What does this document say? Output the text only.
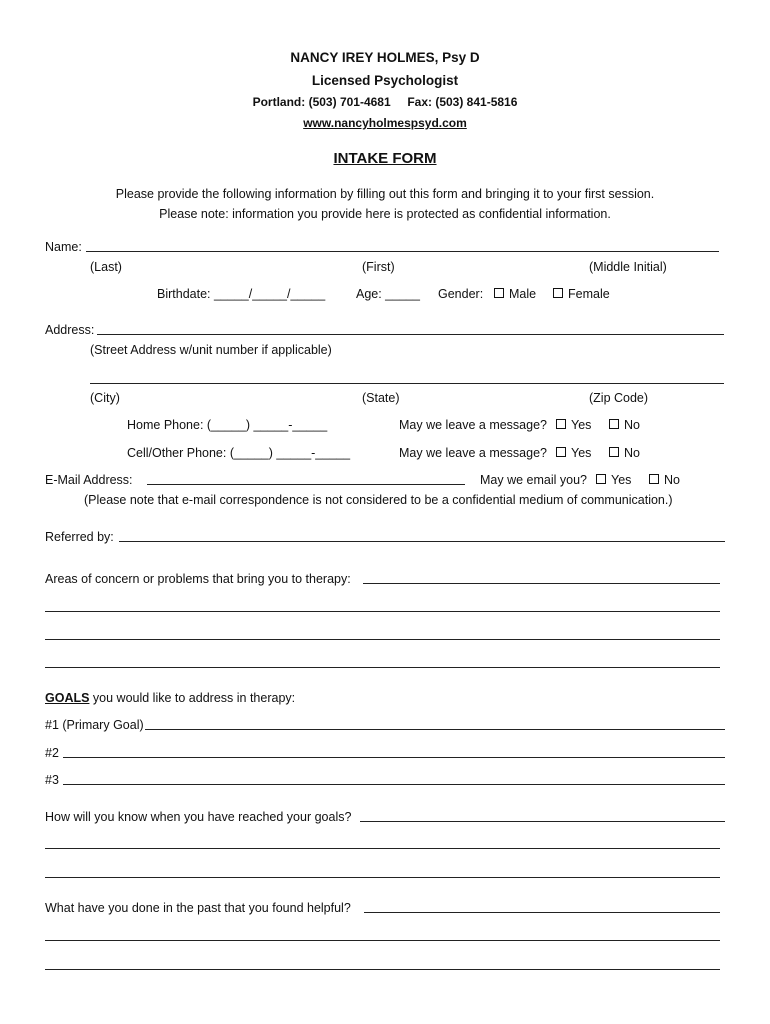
NANCY IREY HOLMES, Psy D
Licensed Psychologist
Portland: (503) 701-4681 Fax: (503) 841-5816
www.nancyholmespsyd.com
INTAKE FORM
Please provide the following information by filling out this form and bringing it to your first session.
Please note: information you provide here is protected as confidential information.
Name:
(Last)	(First)	(Middle Initial)
Birthdate: _____/_____/_____ Age: _____ Gender:	Male	Female
Address:
(Street Address w/unit number if applicable)
(City)	(State)	(Zip Code)
Home Phone: (_____) _____-_____	May we leave a message?	Yes	No
Cell/Other Phone: (_____) _____-_____	May we leave a message?	Yes	No
E-Mail Address:	May we email you?	Yes	No
(Please note that e-mail correspondence is not considered to be a confidential medium of communication.)
Referred by:
Areas of concern or problems that bring you to therapy:
GOALS you would like to address in therapy:
#1 (Primary Goal)
#2
#3
How will you know when you have reached your goals?
What have you done in the past that you found helpful?
